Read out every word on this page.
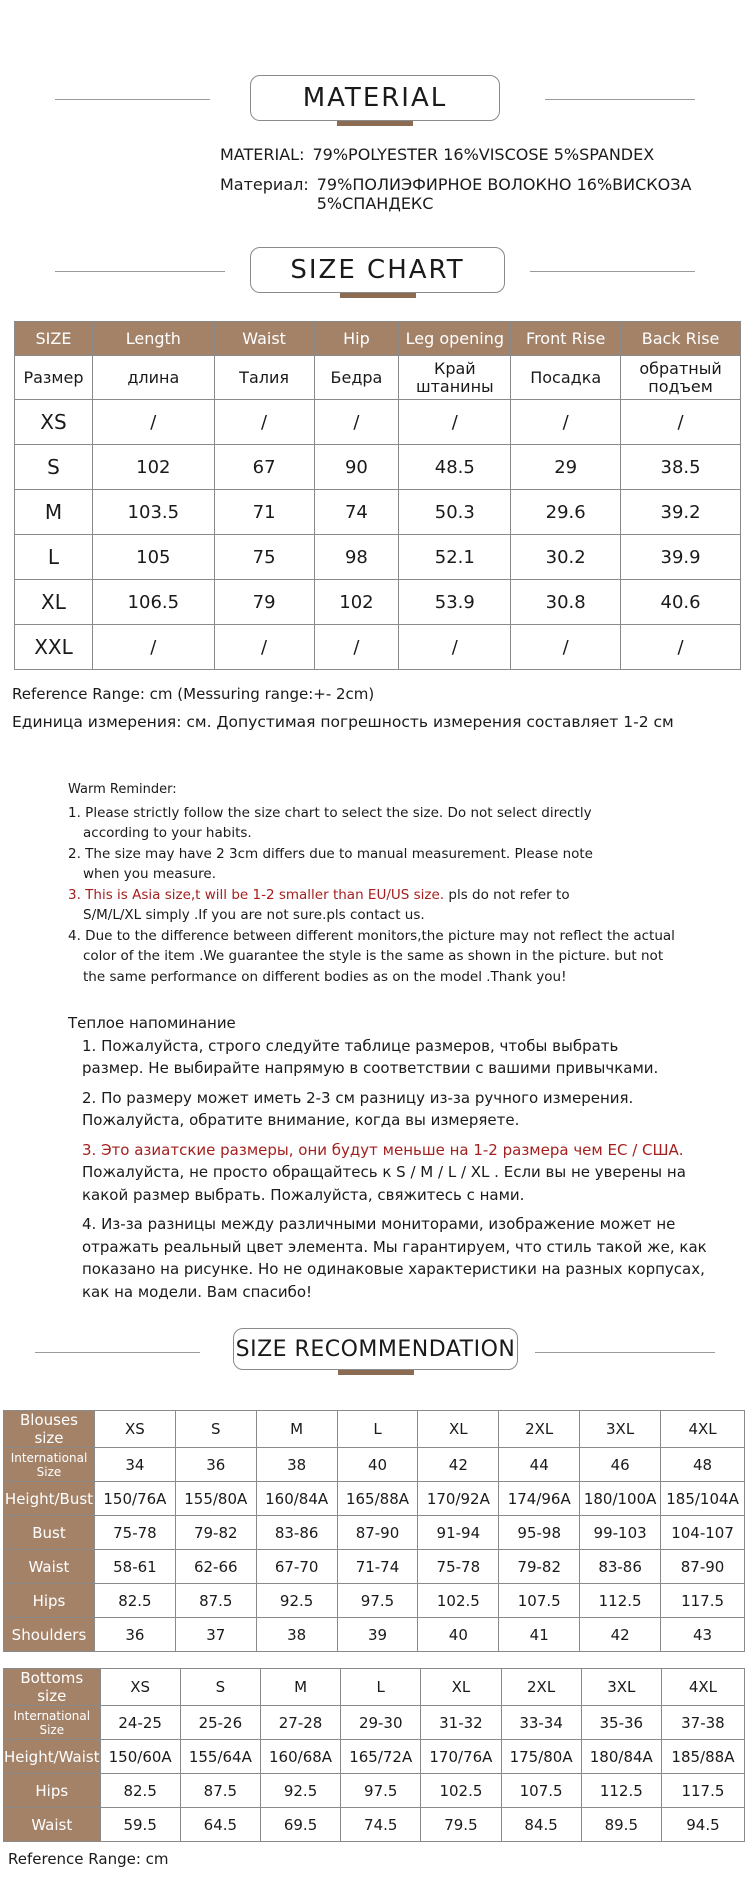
MATERIAL
MATERIAL: 79%POLYESTER 16%VISCOSE 5%SPANDEX
Материал: 79%ПОЛИЭФИРНОЕ ВОЛОКНО 16%ВИСКОЗА 5%СПАНДЕКС
SIZE CHART
SIZE	Length	Waist	Hip	Leg opening	Front Rise	Back Rise
Размер	длина	Талия	Бедра	Край штанины	Посадка	обратный подъем
XS	/	/	/	/	/	/
S	102	67	90	48.5	29	38.5
M	103.5	71	74	50.3	29.6	39.2
L	105	75	98	52.1	30.2	39.9
XL	106.5	79	102	53.9	30.8	40.6
XXL	/	/	/	/	/	/
Reference Range: cm (Messuring range:+- 2cm)
Единица измерения: см. Допустимая погрешность измерения составляет 1-2 см
Warm Reminder:
1. Please strictly follow the size chart to select the size. Do not select directly according to your habits.
2. The size may have 2 3cm differs due to manual measurement. Please note when you measure.
3. This is Asia size,t will be 1-2 smaller than EU/US size. pls do not refer to S/M/L/XL simply .If you are not sure.pls contact us.
4. Due to the difference between different monitors,the picture may not reflect the actual color of the item .We guarantee the style is the same as shown in the picture. but not the same performance on different bodies as on the model .Thank you!
Теплое напоминание
1. Пожалуйста, строго следуйте таблице размеров, чтобы выбрать размер. Не выбирайте напрямую в соответствии с вашими привычками.
2. По размеру может иметь 2-3 см разницу из-за ручного измерения. Пожалуйста, обратите внимание, когда вы измеряете.
3. Это азиатские размеры, они будут меньше на 1-2 размера чем EC / США.
Пожалуйста, не просто обращайтесь к S / M / L / XL . Если вы не уверены на какой размер выбрать. Пожалуйста, свяжитесь с нами.
4. Из-за разницы между различными мониторами, изображение может не отражать реальный цвет элемента. Мы гарантируем, что стиль такой же, как показано на рисунке. Но не одинаковые характеристики на разных корпусах, как на модели. Вам спасибо!
SIZE RECOMMENDATION
Blouses size	XS	S	M	L	XL	2XL	3XL	4XL
International Size	34	36	38	40	42	44	46	48
Height/Bust	150/76A	155/80A	160/84A	165/88A	170/92A	174/96A	180/100A	185/104A
Bust	75-78	79-82	83-86	87-90	91-94	95-98	99-103	104-107
Waist	58-61	62-66	67-70	71-74	75-78	79-82	83-86	87-90
Hips	82.5	87.5	92.5	97.5	102.5	107.5	112.5	117.5
Shoulders	36	37	38	39	40	41	42	43
Bottoms size	XS	S	M	L	XL	2XL	3XL	4XL
International Size	24-25	25-26	27-28	29-30	31-32	33-34	35-36	37-38
Height/Waist	150/60A	155/64A	160/68A	165/72A	170/76A	175/80A	180/84A	185/88A
Hips	82.5	87.5	92.5	97.5	102.5	107.5	112.5	117.5
Waist	59.5	64.5	69.5	74.5	79.5	84.5	89.5	94.5
Reference Range: cm
